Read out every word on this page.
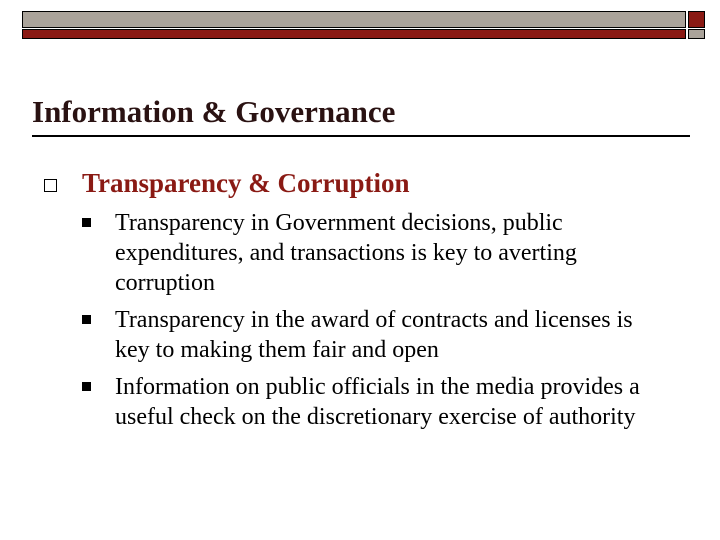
Information & Governance
Transparency & Corruption
Transparency in Government decisions, public expenditures, and transactions is key to averting corruption
Transparency in the award of contracts and licenses is key to making them fair and open
Information on public officials in the media provides a useful check on the discretionary exercise of authority
